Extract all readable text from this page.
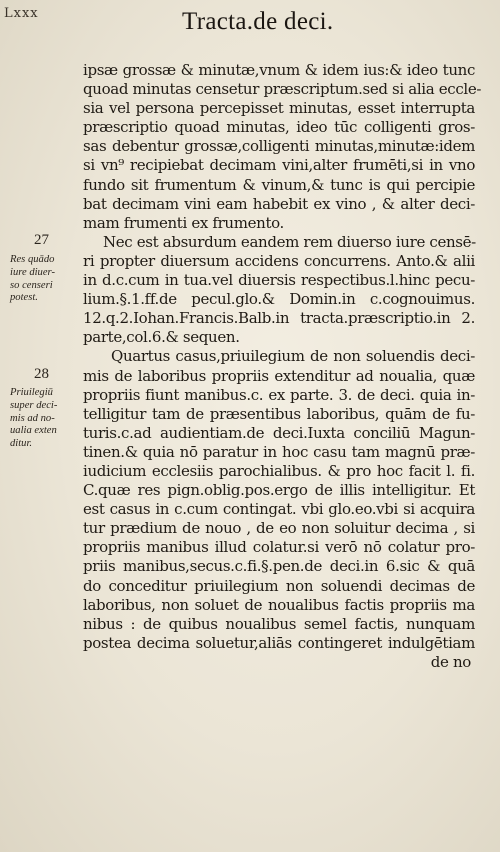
Lxxx	Tracta.de deci.
ipsæ grossæ & minutæ,vnum & idem ius:& ideo tunc
quoad minutas censetur præscriptum.sed si alia eccle-
sia vel persona percepisset minutas, esset interrupta
præscriptio quoad minutas, ideo tūc colligenti gros-
sas debentur grossæ,colligenti minutas,minutæ:idem
si vn⁹ recipiebat decimam vini,alter frumēti,si in vno
fundo sit frumentum & vinum,& tunc is qui percipie
bat decimam vini eam habebit ex vino , & alter deci-
mam frumenti ex frumento.
Nec est absurdum eandem rem diuerso iure censē-
ri propter diuersum accidens concurrens. Anto.& alii
in d.c.cum in tua.vel diuersis respectibus.l.hinc pecu-
lium.§.1.ff.de pecul.glo.& Domin.in c.cognouimus.
12.q.2.Iohan.Francis.Balb.in tracta.præscriptio.in 2.
parte,col.6.& sequen.
Quartus casus,priuilegium de non soluendis deci-
mis de laboribus propriis extenditur ad noualia, quæ
propriis fiunt manibus.c. ex parte. 3. de deci. quia in-
telligitur tam de præsentibus laboribus, quām de fu-
turis.c.ad audientiam.de deci.Iuxta conciliū Magun-
tinen.& quia nō paratur in hoc casu tam magnū præ-
iudicium ecclesiis parochialibus. & pro hoc facit l. fi.
C.quæ res pign.oblig.pos.ergo de illis intelligitur. Et
est casus in c.cum contingat. vbi glo.eo.vbi si acquira
tur prædium de nouo , de eo non soluitur decima , si
propriis manibus illud colatur.si verō nō colatur pro-
priis manibus,secus.c.fi.§.pen.de deci.in 6.sic & quā
do conceditur priuilegium non soluendi decimas de
laboribus, non soluet de noualibus factis propriis ma
nibus : de quibus noualibus semel factis, nunquam
postea decima soluetur,aliās contingeret indulgētiam
de no
27
28
Res quādo
iure diuer-
so censeri
potest.
Priuilegiū
super deci-
mis ad no-
ualia exten
ditur.
